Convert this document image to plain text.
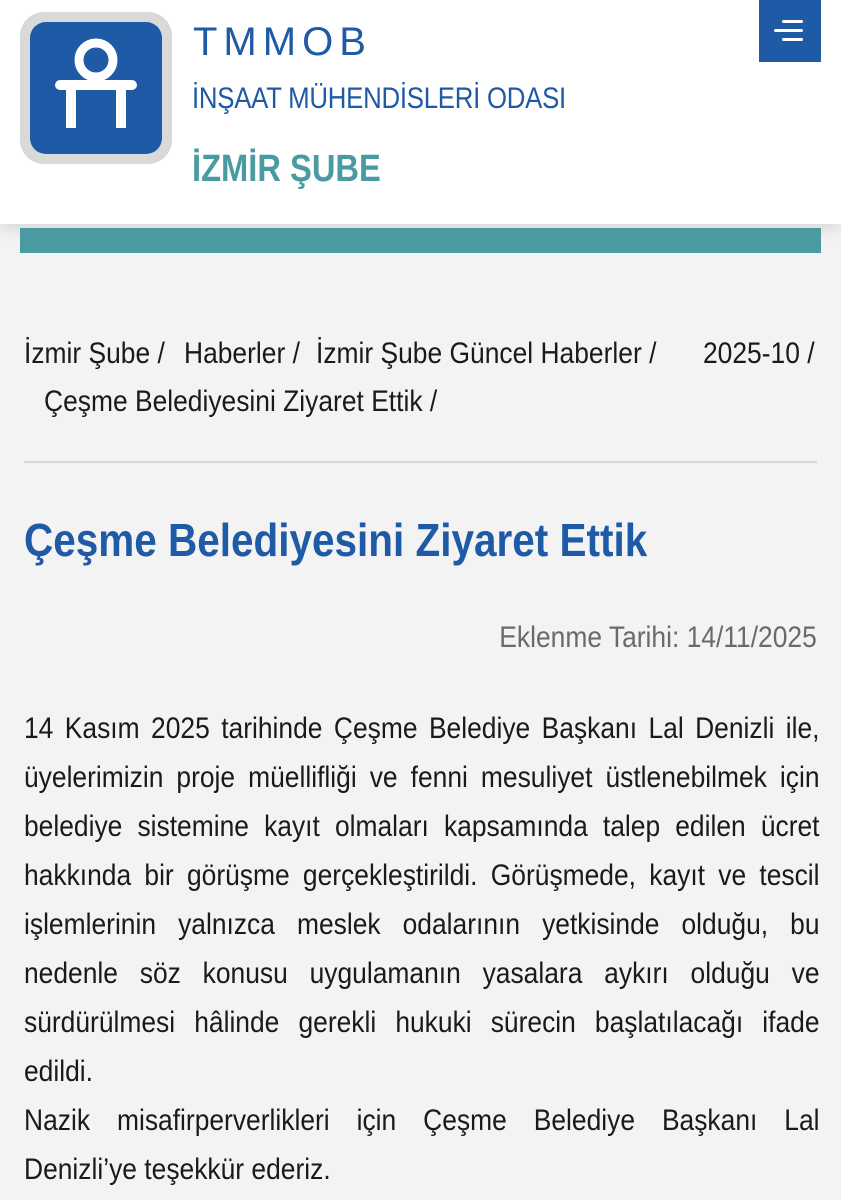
TMMOB
İNŞAAT MÜHENDİSLERİ ODASI
İZMİR ŞUBE
İzmir Şube / Haberler / İzmir Şube Güncel Haberler / 2025-10 /
Çeşme Belediyesini Ziyaret Ettik /
Çeşme Belediyesini Ziyaret Ettik
Eklenme Tarihi: 14/11/2025

14 Kasım 2025 tarihinde Çeşme Belediye Başkanı Lal Denizli ile, üyelerimizin proje müellifliği ve fenni mesuliyet üstlenebilmek için belediye sistemine kayıt olmaları kapsamında talep edilen ücret hakkında bir görüşme gerçekleştirildi. Görüşmede, kayıt ve tescil işlemlerinin yalnızca meslek odalarının yetkisinde olduğu, bu nedenle söz konusu uygulamanın yasalara aykırı olduğu ve sürdürülmesi hâlinde gerekli hukuki sürecin başlatılacağı ifade edildi.

Nazik misafirperverlikleri için Çeşme Belediye Başkanı Lal Denizli’ye teşekkür ederiz.
